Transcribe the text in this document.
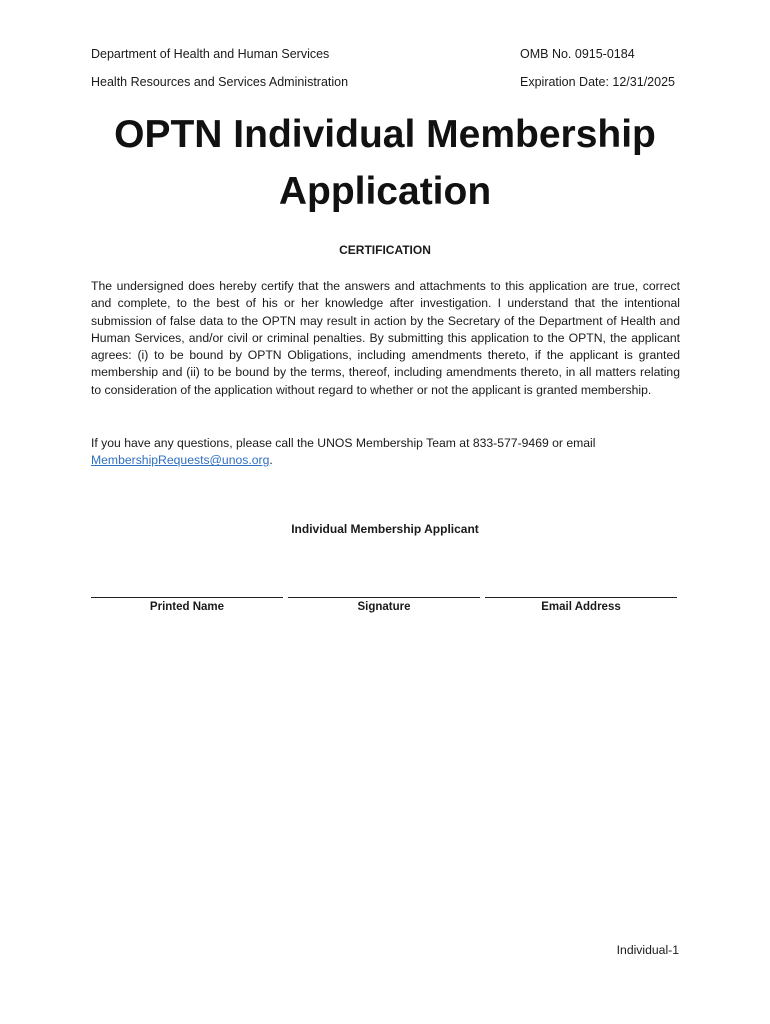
Department of Health and Human Services	OMB No. 0915-0184
Health Resources and Services Administration	Expiration Date: 12/31/2025
OPTN Individual Membership
Application
CERTIFICATION
The undersigned does hereby certify that the answers and attachments to this application are true, correct and complete, to the best of his or her knowledge after investigation. I understand that the intentional submission of false data to the OPTN may result in action by the Secretary of the Department of Health and Human Services, and/or civil or criminal penalties. By submitting this application to the OPTN, the applicant agrees: (i) to be bound by OPTN Obligations, including amendments thereto, if the applicant is granted membership and (ii) to be bound by the terms, thereof, including amendments thereto, in all matters relating to consideration of the application without regard to whether or not the applicant is granted membership.
If you have any questions, please call the UNOS Membership Team at 833-577-9469 or email MembershipRequests@unos.org.
Individual Membership Applicant
Printed Name	Signature	Email Address
Individual-1
